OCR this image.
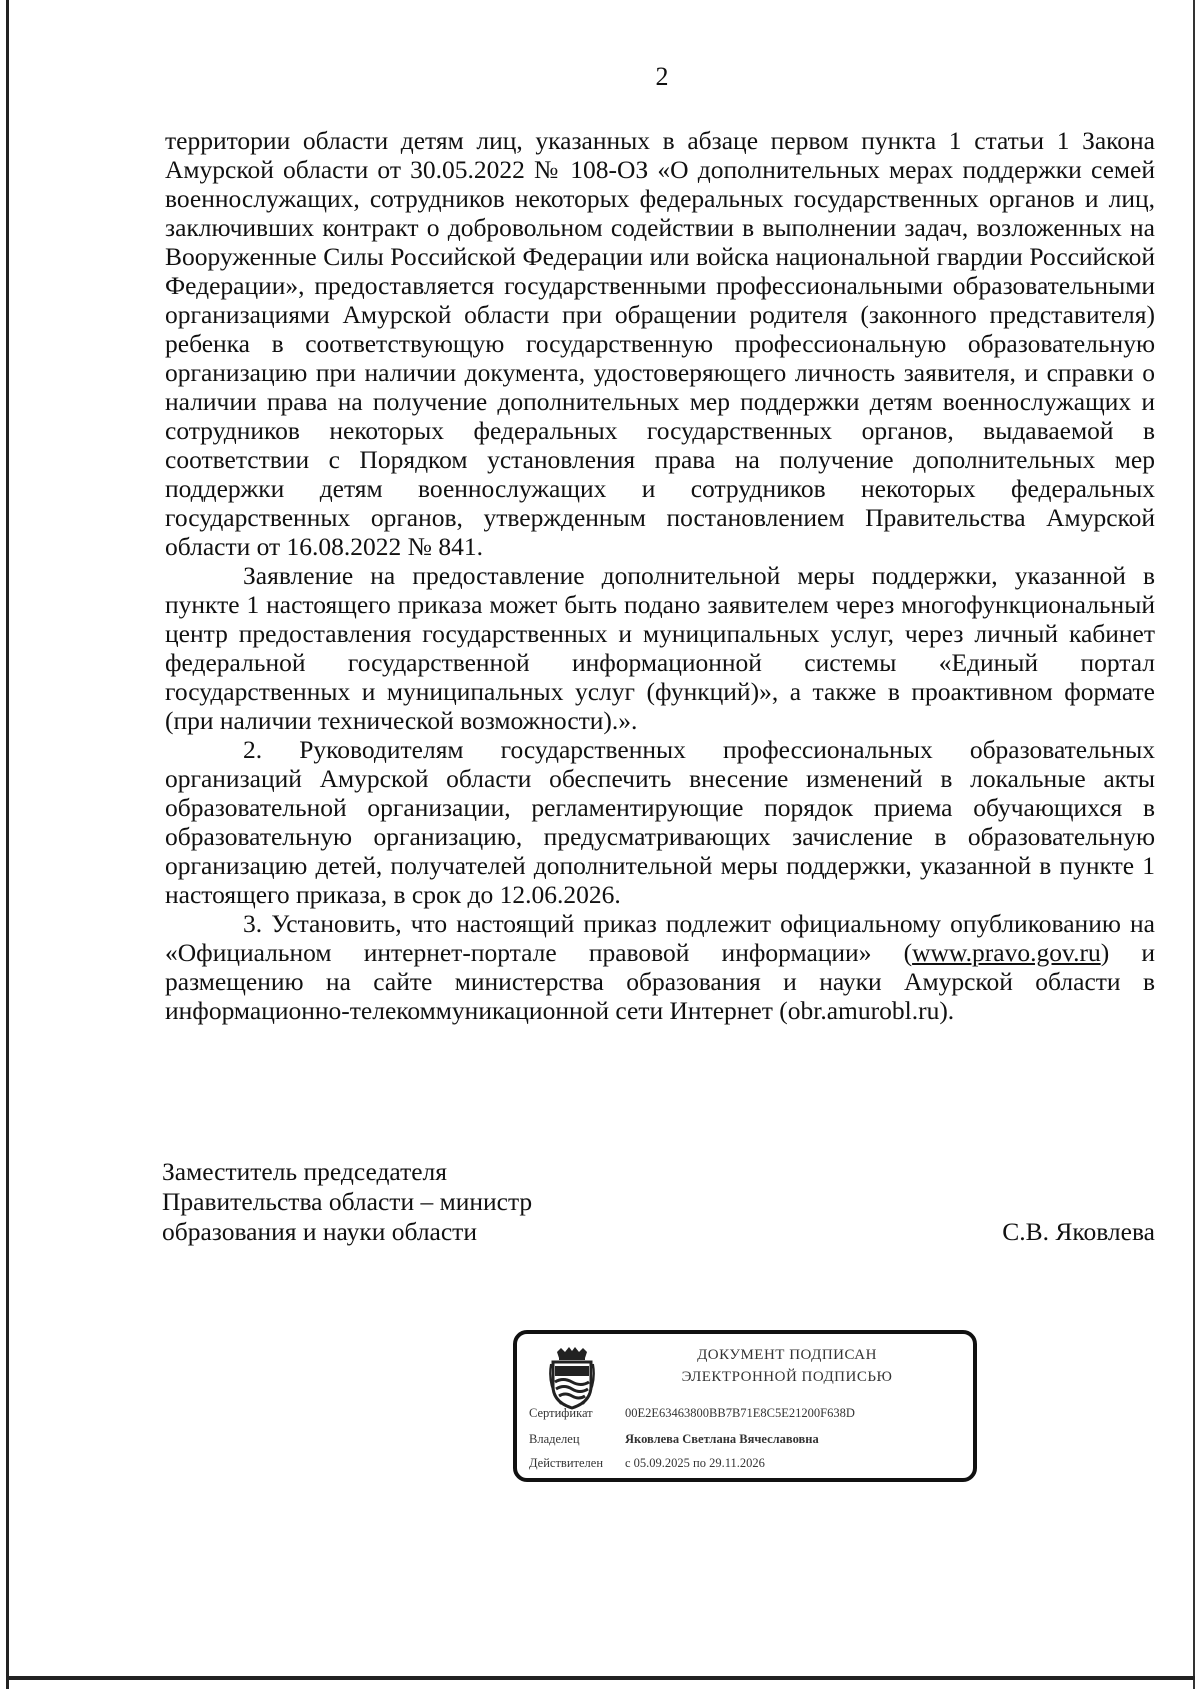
2

территории области детям лиц, указанных в абзаце первом пункта 1 статьи 1 Закона Амурской области от 30.05.2022 № 108-ОЗ «О дополнительных мерах поддержки семей военнослужащих, сотрудников некоторых федеральных государственных органов и лиц, заключивших контракт о добровольном содействии в выполнении задач, возложенных на Вооруженные Силы Российской Федерации или войска национальной гвардии Российской Федерации», предоставляется государственными профессиональными образовательными организациями Амурской области при обращении родителя (законного представителя) ребенка в соответствующую государственную профессиональную образовательную организацию при наличии документа, удостоверяющего личность заявителя, и справки о наличии права на получение дополнительных мер поддержки детям военнослужащих и сотрудников некоторых федеральных государственных органов, выдаваемой в соответствии с Порядком установления права на получение дополнительных мер поддержки детям военнослужащих и сотрудников некоторых федеральных государственных органов, утвержденным постановлением Правительства Амурской области от 16.08.2022 № 841.

Заявление на предоставление дополнительной меры поддержки, указанной в пункте 1 настоящего приказа может быть подано заявителем через многофункциональный центр предоставления государственных и муниципальных услуг, через личный кабинет федеральной государственной информационной системы «Единый портал государственных и муниципальных услуг (функций)», а также в проактивном формате (при наличии технической возможности).».

2. Руководителям государственных профессиональных образовательных организаций Амурской области обеспечить внесение изменений в локальные акты образовательной организации, регламентирующие порядок приема обучающихся в образовательную организацию, предусматривающих зачисление в образовательную организацию детей, получателей дополнительной меры поддержки, указанной в пункте 1 настоящего приказа, в срок до 12.06.2026.

3. Установить, что настоящий приказ подлежит официальному опубликованию на «Официальном интернет-портале правовой информации» (www.pravo.gov.ru) и размещению на сайте министерства образования и науки Амурской области в информационно-телекоммуникационной сети Интернет (obr.amurobl.ru).

Заместитель председателя
Правительства области – министр
образования и науки области	С.В. Яковлева
ДОКУМЕНТ ПОДПИСАН
ЭЛЕКТРОННОЙ ПОДПИСЬЮ
Сертификат	00E2E63463800BB7B71E8C5E21200F638D
Владелец	Яковлева Светлана Вячеславовна
Действителен с 05.09.2025 по 29.11.2026
